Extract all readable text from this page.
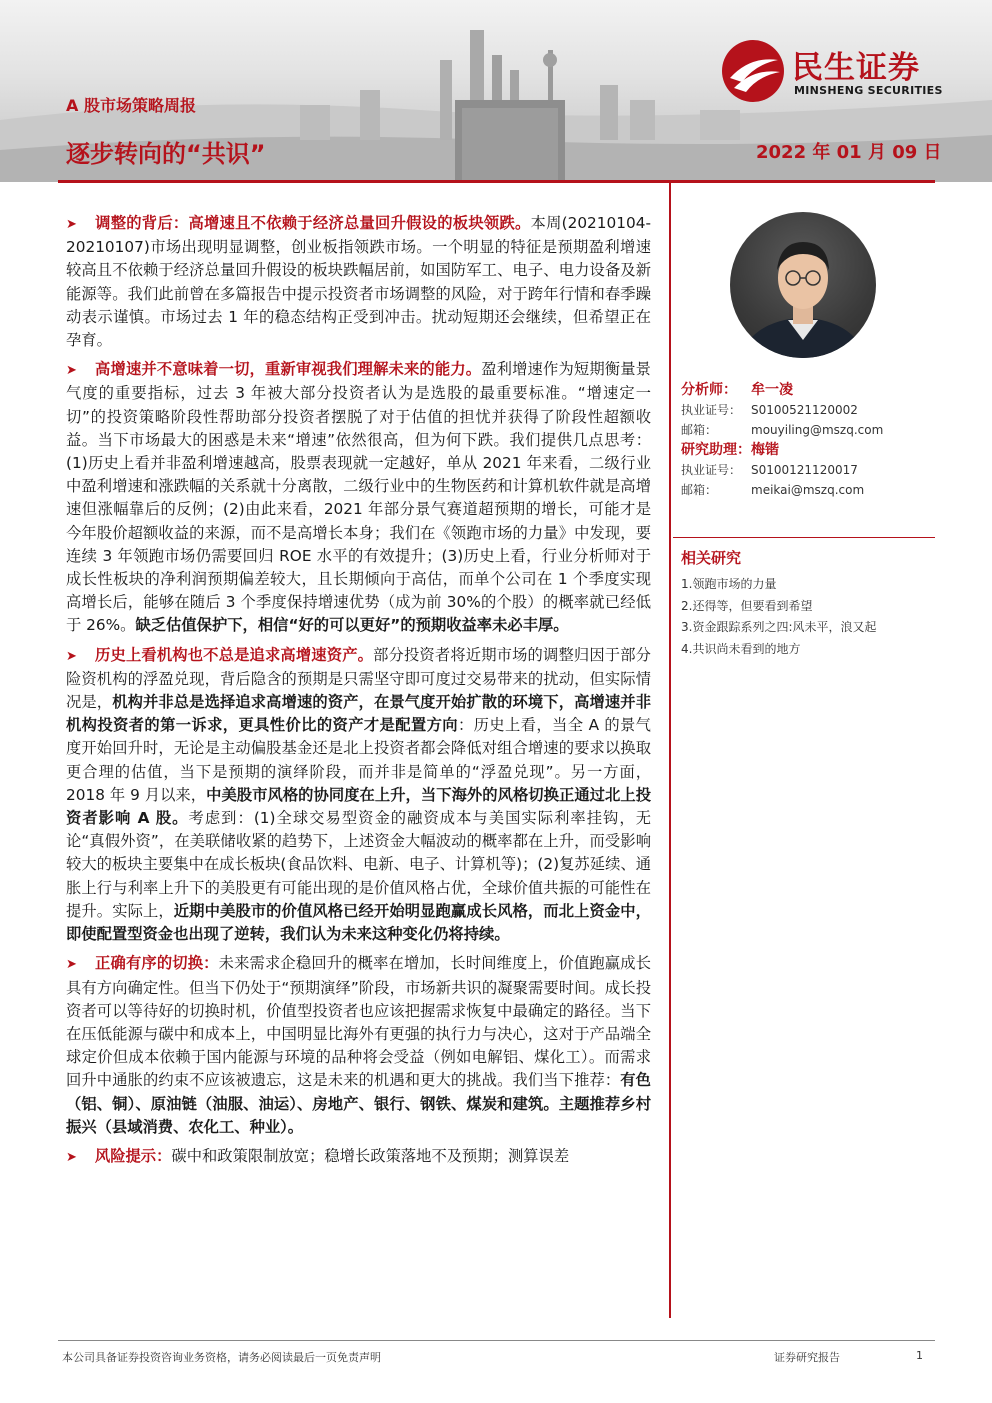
民生证券
MINSHENG SECURITIES
A 股市场策略周报
逐步转向的“共识”	2022 年 01 月 09 日

➤ 调整的背后：高增速且不依赖于经济总量回升假设的板块领跌。本周(20210104-20210107)市场出现明显调整，创业板指领跌市场。一个明显的特征是预期盈利增速较高且不依赖于经济总量回升假设的板块跌幅居前，如国防军工、电子、电力设备及新能源等。我们此前曾在多篇报告中提示投资者市场调整的风险，对于跨年行情和春季躁动表示谨慎。市场过去 1 年的稳态结构正受到冲击。扰动短期还会继续，但希望正在孕育。

➤ 高增速并不意味着一切，重新审视我们理解未来的能力。盈利增速作为短期衡量景气度的重要指标，过去 3 年被大部分投资者认为是选股的最重要标准。“增速定一切”的投资策略阶段性帮助部分投资者摆脱了对于估值的担忧并获得了阶段性超额收益。当下市场最大的困惑是未来“增速”依然很高，但为何下跌。我们提供几点思考：(1)历史上看并非盈利增速越高，股票表现就一定越好，单从 2021 年来看，二级行业中盈利增速和涨跌幅的关系就十分离散，二级行业中的生物医药和计算机软件就是高增速但涨幅靠后的反例；(2)由此来看，2021 年部分景气赛道超预期的增长，可能才是今年股价超额收益的来源，而不是高增长本身；我们在《领跑市场的力量》中发现，要连续 3 年领跑市场仍需要回归 ROE 水平的有效提升；(3)历史上看，行业分析师对于成长性板块的净利润预期偏差较大，且长期倾向于高估，而单个公司在 1 个季度实现高增长后，能够在随后 3 个季度保持增速优势（成为前 30%的个股）的概率就已经低于 26%。缺乏估值保护下，相信“好的可以更好”的预期收益率未必丰厚。

➤ 历史上看机构也不总是追求高增速资产。部分投资者将近期市场的调整归因于部分险资机构的浮盈兑现，背后隐含的预期是只需坚守即可度过交易带来的扰动，但实际情况是，机构并非总是选择追求高增速的资产，在景气度开始扩散的环境下，高增速并非机构投资者的第一诉求，更具性价比的资产才是配置方向：历史上看，当全 A 的景气度开始回升时，无论是主动偏股基金还是北上投资者都会降低对组合增速的要求以换取更合理的估值，当下是预期的演绎阶段，而并非是简单的“浮盈兑现”。另一方面，2018 年 9 月以来，中美股市风格的协同度在上升，当下海外的风格切换正通过北上投资者影响 A 股。考虑到：(1)全球交易型资金的融资成本与美国实际利率挂钩，无论“真假外资”，在美联储收紧的趋势下，上述资金大幅波动的概率都在上升，而受影响较大的板块主要集中在成长板块(食品饮料、电新、电子、计算机等)；(2)复苏延续、通胀上行与利率上升下的美股更有可能出现的是价值风格占优，全球价值共振的可能性在提升。实际上，近期中美股市的价值风格已经开始明显跑赢成长风格，而北上资金中，即使配置型资金也出现了逆转，我们认为未来这种变化仍将持续。

➤ 正确有序的切换：未来需求企稳回升的概率在增加，长时间维度上，价值跑赢成长具有方向确定性。但当下仍处于“预期演绎”阶段，市场新共识的凝聚需要时间。成长投资者可以等待好的切换时机，价值型投资者也应该把握需求恢复中最确定的路径。当下在压低能源与碳中和成本上，中国明显比海外有更强的执行力与决心，这对于产品端全球定价但成本依赖于国内能源与环境的品种将会受益（例如电解铝、煤化工）。而需求回升中通胀的约束不应该被遗忘，这是未来的机遇和更大的挑战。我们当下推荐：有色（铝、铜）、原油链（油服、油运）、房地产、银行、钢铁、煤炭和建筑。主题推荐乡村振兴（县域消费、农化工、种业）。

➤ 风险提示：碳中和政策限制放宽；稳增长政策落地不及预期；测算误差

分析师： 牟一凌
执业证号： S0100521120002
邮箱：	mouyiling@mszq.com
研究助理：梅锴
执业证号： S0100121120017
邮箱：	meikai@mszq.com
相关研究
1.领跑市场的力量
2.还得等，但要看到希望
3.资金跟踪系列之四:风未平，浪又起
4.共识尚未看到的地方
本公司具备证券投资咨询业务资格，请务必阅读最后一页免责声明	证券研究报告	1
